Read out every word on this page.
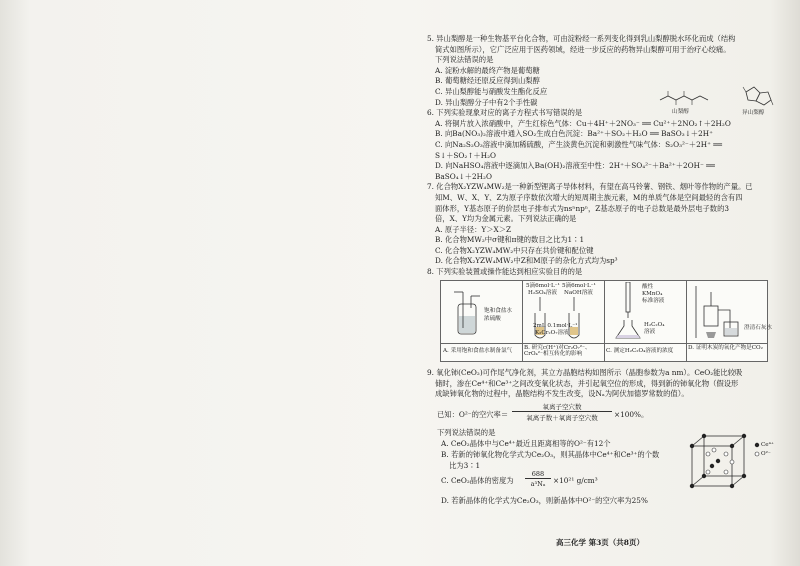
5. 异山梨醇是一种生物基平台化合物，可由淀粉经一系列变化得到乳山梨醇脱水环化而成（结构
简式如图所示），它广泛应用于医药领域，经进一步反应的药物异山梨醇可用于治疗心绞痛。
下列说法错误的是
A. 淀粉水解的最终产物是葡萄糖
B. 葡萄糖经还原反应得到山梨醇
C. 异山梨醇能与硝酸发生酯化反应
D. 异山梨醇分子中有2个手性碳
6. 下列实验现象对应的离子方程式书写错误的是
A. 将铜片放入浓硝酸中，产生红棕色气体：Cu＋4H⁺＋2NO₃⁻ ══ Cu²⁺＋2NO₂↑＋2H₂O
B. 向Ba(NO₃)₂溶液中通入SO₂生成白色沉淀：Ba²⁺＋SO₂＋H₂O ══ BaSO₃↓＋2H⁺
C. 向Na₂S₂O₃溶液中滴加稀硫酸，产生淡黄色沉淀和刺激性气味气体：S₂O₃²⁻＋2H⁺ ══
S↓＋SO₂↑＋H₂O
D. 向NaHSO₄溶液中逐滴加入Ba(OH)₂溶液至中性：2H⁺＋SO₄²⁻＋Ba²⁺＋2OH⁻ ══
BaSO₄↓＋2H₂O
7. 化合物X₂YZW₄MW₂是一种新型锂离子导体材料，有望在高马铃薯、钢铁、烟叶等作物的产量。已
知M、W、X、Y、Z为原子序数依次增大的短周期主族元素，M的单质气体是空间最轻的含有四
面体形，Y基态原子的价层电子排布式为nsⁿnpⁿ，Z基态原子的电子总数是最外层电子数的3
倍，X、Y均为金属元素。下列说法正确的是
A. 原子半径：Y＞X＞Z
B. 化合物MW₂中σ键和π键的数目之比为1∶1
C. 化合物X₂YZW₄MW₂中只存在共价键和配位键
D. 化合物X₂YZW₄MW₂中Z和M原子的杂化方式均为sp³
8. 下列实验装置或操作能达到相应实验目的的是
山梨醇	异山梨醇
饱和食盐水
浓硫酸
5滴6mol·L⁻¹
H₂SO₄溶液
5滴6mol·L⁻¹
NaOH溶液
2mL 0.1mol·L⁻¹
K₂Cr₂O₇溶液
酸性
KMnO₄
标准溶液
H₂C₂O₄
溶液
澄清石灰水
A. 采用饱和食盐水制备氯气	B. 研究c(H⁺)对Cr₂O₇²⁻、CrO₄²⁻相互转化的影响
C. 测定H₂C₂O₄溶液的浓度	D. 证明木炭的氧化产物是CO₂
9. 氧化铈(CeO₂)可作尾气净化剂，其立方晶胞结构如图所示（晶胞参数为a nm）。CeO₂能比较吸
储时，渗在Ce⁴⁺和Ce³⁺之间改变氧化状态，并引起氧空位的形成，得到新的铈氧化物（假设形
成缺铈氧化物的过程中，晶胞结构不发生改变，设Nₐ为阿伏加德罗常数的值）。
已知：O²⁻的空穴率＝
氧离子空穴数
氧离子数＋氧离子空穴数	×100%。
下列说法错误的是
A. CeO₂晶体中与Ce⁴⁺最近且距离相等的O²⁻有12个
B. 若新的铈氧化物化学式为Ce₂O₃，则其晶体中Ce⁴⁺和Ce³⁺的个数
比为3∶1
C. CeO₂晶体的密度为
688
a³Nₐ	×10²¹ g/cm³
D. 若新晶体的化学式为Ce₂O₃，则新晶体中O²⁻的空穴率为25%
Ce⁴⁺
O²⁻
高三化学 第3页（共8页）
